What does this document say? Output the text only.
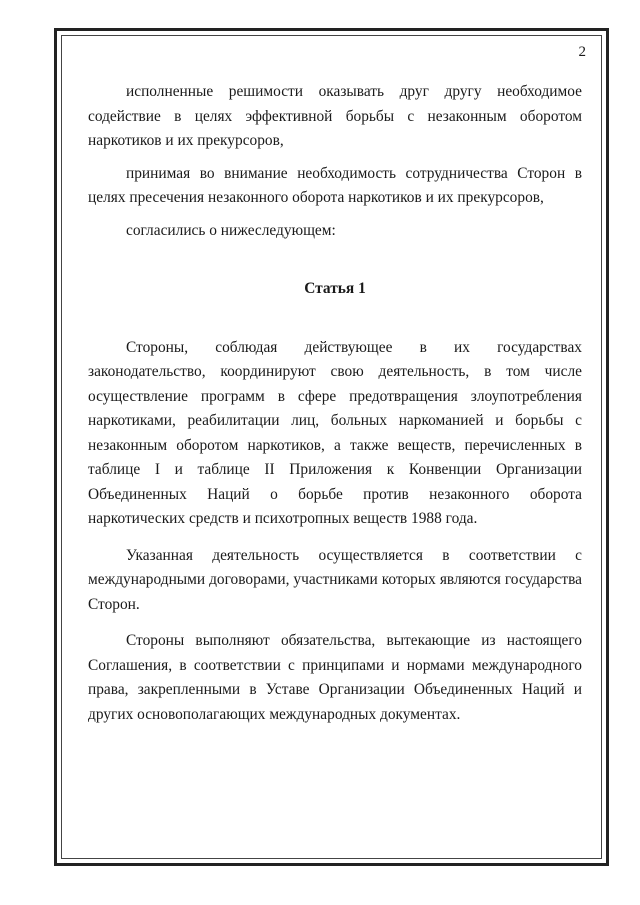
2

исполненные решимости оказывать друг другу необходимое содействие в целях эффективной борьбы с незаконным оборотом наркотиков и их прекурсоров,

принимая во внимание необходимость сотрудничества Сторон в целях пресечения незаконного оборота наркотиков и их прекурсоров,

согласились о нижеследующем:

Статья 1

Стороны, соблюдая действующее в их государствах законодательство, координируют свою деятельность, в том числе осуществление программ в сфере предотвращения злоупотребления наркотиками, реабилитации лиц, больных наркоманией и борьбы с незаконным оборотом наркотиков, а также веществ, перечисленных в таблице I и таблице II Приложения к Конвенции Организации Объединенных Наций о борьбе против незаконного оборота наркотических средств и психотропных веществ 1988 года.

Указанная деятельность осуществляется в соответствии с международными договорами, участниками которых являются государства Сторон.

Стороны выполняют обязательства, вытекающие из настоящего Соглашения, в соответствии с принципами и нормами международного права, закрепленными в Уставе Организации Объединенных Наций и других основополагающих международных документах.
